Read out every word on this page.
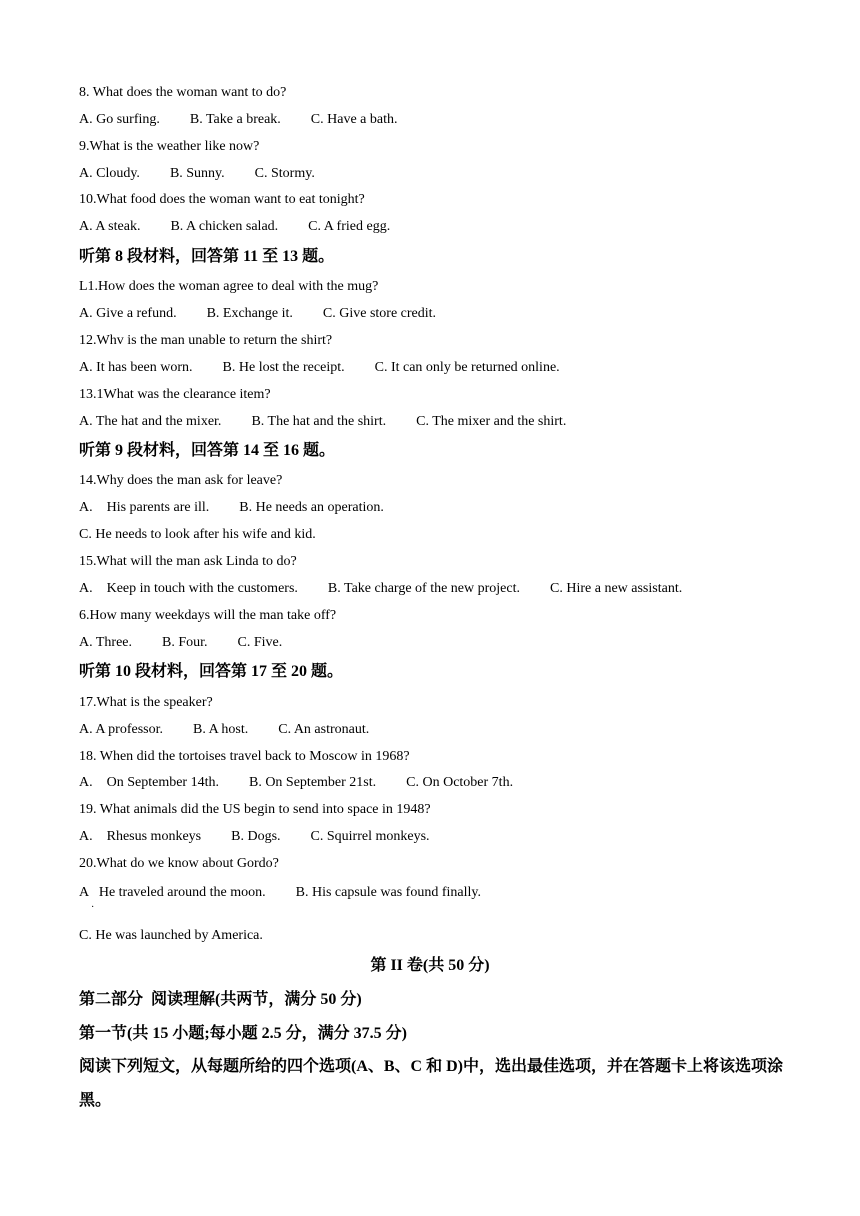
8. What does the woman want to do?
A. Go surfing. B. Take a break. C. Have a bath.
9.What is the weather like now?
A. Cloudy. B. Sunny. C. Stormy.
10.What food does the woman want to eat tonight?
A. A steak. B. A chicken salad. C. A fried egg.
听第 8 段材料，回答第 11 至 13 题。
L1.How does the woman agree to deal with the mug?
A. Give a refund. B. Exchange it. C. Give store credit.
12.Whv is the man unable to return the shirt?
A. It has been worn. B. He lost the receipt. C. It can only be returned online.
13.1What was the clearance item?
A. The hat and the mixer. B. The hat and the shirt. C. The mixer and the shirt.
听第 9 段材料，回答第 14 至 16 题。
14.Why does the man ask for leave?
A.    His parents are ill. B. He needs an operation.
C. He needs to look after his wife and kid.
15.What will the man ask Linda to do?
A.    Keep in touch with the customers. B. Take charge of the new project. C. Hire a new assistant.
6.How many weekdays will the man take off?
A. Three. B. Four. C. Five.
听第 10 段材料，回答第 17 至 20 题。
17.What is the speaker?
A. A professor. B. A host. C. An astronaut.
18. When did the tortoises travel back to Moscow in 1968?
A.    On September 14th. B. On September 21st. C. On October 7th.
19. What animals did the US begin to send into space in 1948?
A.    Rhesus monkeys B. Dogs. C. Squirrel monkeys.
20.What do we know about Gordo?
A   He traveled around the moon. B. His capsule was found finally.
C. He was launched by America.
·
第 II 卷(共 50 分)
第二部分  阅读理解(共两节，满分 50 分)
第一节(共 15 小题;每小题 2.5 分，满分 37.5 分)
阅读下列短文，从每题所给的四个选项(A、B、C 和 D)中，选出最佳选项，并在答题卡上将该选项涂黑。
